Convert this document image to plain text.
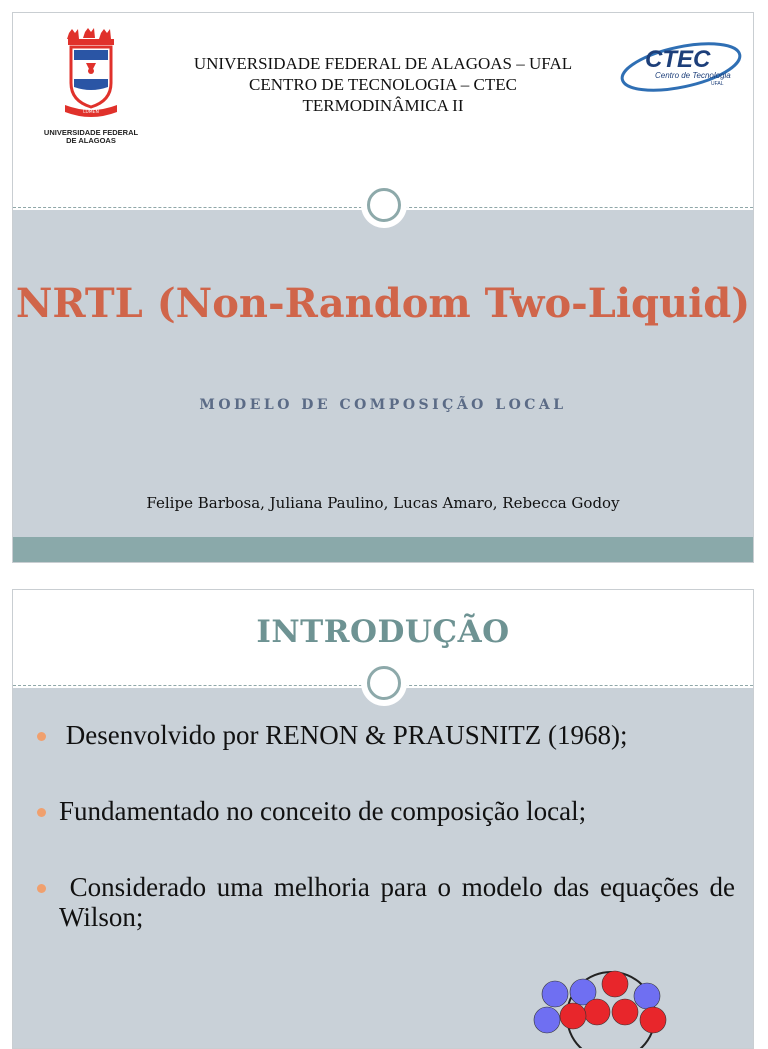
LUMEN
UNIVERSIDADE FEDERAL DE ALAGOAS
UNIVERSIDADE FEDERAL DE ALAGOAS – UFAL
CENTRO DE TECNOLOGIA – CTEC
TERMODINÂMICA II
CTEC
Centro de Tecnologia
UFAL
NRTL (Non-Random Two-Liquid)
MODELO DE COMPOSIÇÃO LOCAL
Felipe Barbosa, Juliana Paulino, Lucas Amaro, Rebecca Godoy
INTRODUÇÃO
Desenvolvido por RENON & PRAUSNITZ (1968);
Fundamentado no conceito de composição local;
Considerado uma melhoria para o modelo das equações de Wilson;
